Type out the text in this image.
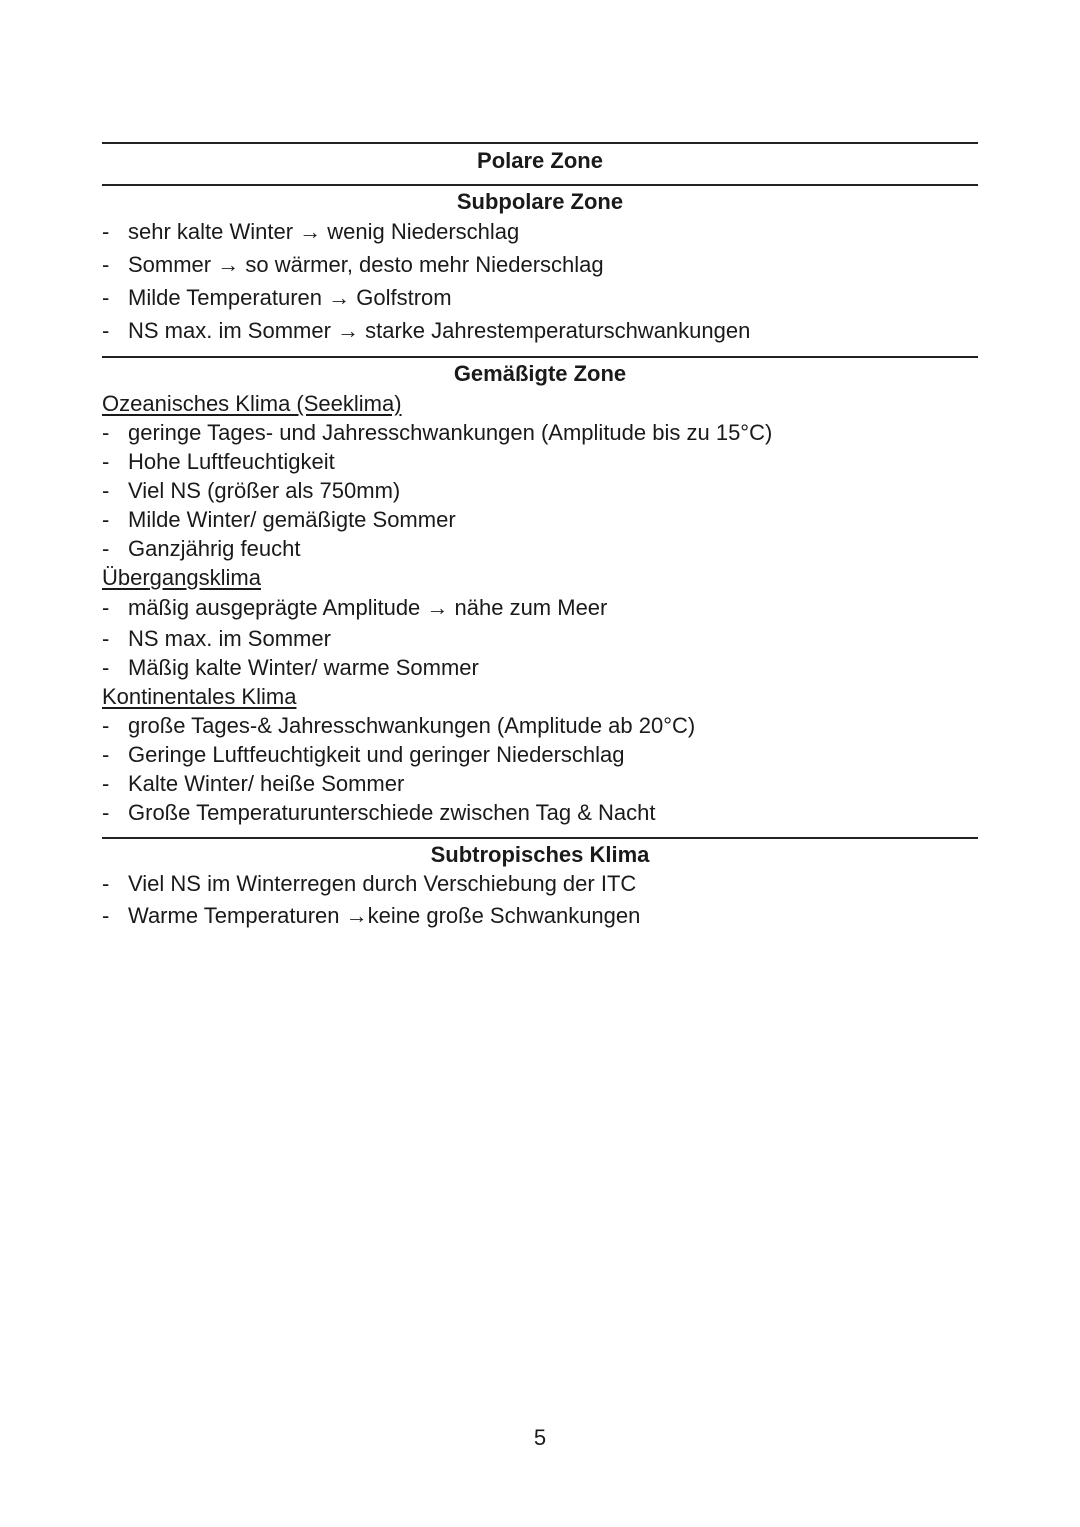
Polare Zone
Subpolare Zone
- sehr kalte Winter → wenig Niederschlag
- Sommer → so wärmer, desto mehr Niederschlag
- Milde Temperaturen → Golfstrom
- NS max. im Sommer → starke Jahrestemperaturschwankungen
Gemäßigte Zone
Ozeanisches Klima (Seeklima)
- geringe Tages- und Jahresschwankungen (Amplitude bis zu 15°C)
- Hohe Luftfeuchtigkeit
- Viel NS (größer als 750mm)
- Milde Winter/ gemäßigte Sommer
- Ganzjährig feucht
Übergangsklima
- mäßig ausgeprägte Amplitude → nähe zum Meer
- NS max. im Sommer
- Mäßig kalte Winter/ warme Sommer
Kontinentales Klima
- große Tages-& Jahresschwankungen (Amplitude ab 20°C)
- Geringe Luftfeuchtigkeit und geringer Niederschlag
- Kalte Winter/ heiße Sommer
- Große Temperaturunterschiede zwischen Tag & Nacht
Subtropisches Klima
- Viel NS im Winterregen durch Verschiebung der ITC
- Warme Temperaturen →keine große Schwankungen
5
